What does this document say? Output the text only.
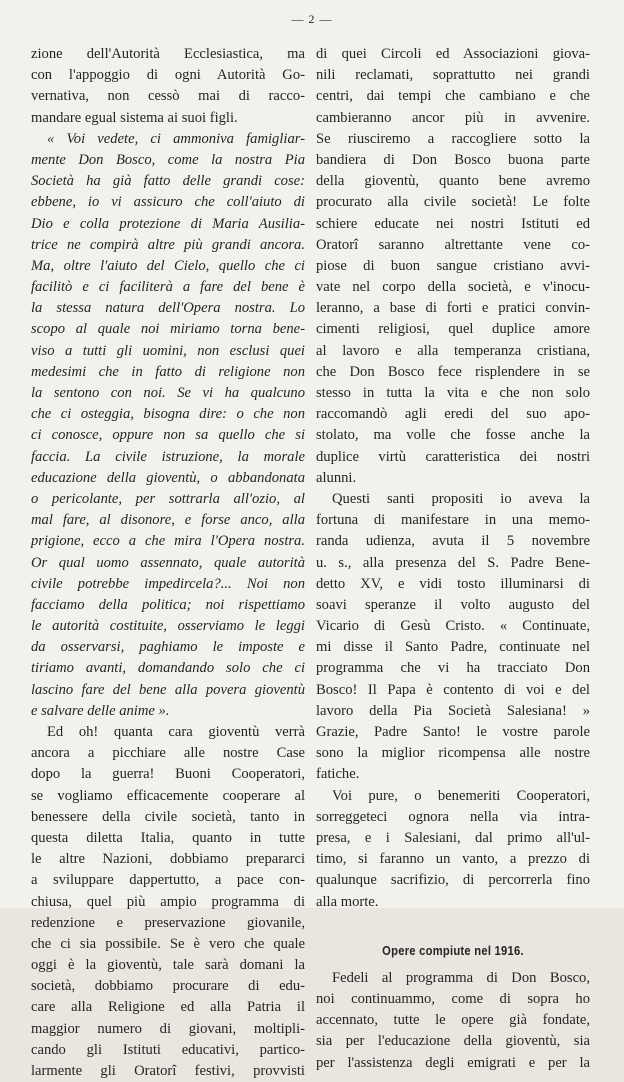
— 2 —
zione dell'Autorità Ecclesiastica, ma
con l'appoggio di ogni Autorità Go-
vernativa, non cessò mai di racco-
mandare egual sistema ai suoi figli.
« Voi vedete, ci ammoniva famigliar-
mente Don Bosco, come la nostra Pia
Società ha già fatto delle grandi cose:
ebbene, io vi assicuro che coll'aiuto di
Dio e colla protezione di Maria Ausilia-
trice ne compirà altre più grandi ancora.
Ma, oltre l'aiuto del Cielo, quello che ci
facilitò e ci faciliterà a fare del bene è
la stessa natura dell'Opera nostra. Lo
scopo al quale noi miriamo torna bene-
viso a tutti gli uomini, non esclusi quei
medesimi che in fatto di religione non
la sentono con noi. Se vi ha qualcuno
che ci osteggia, bisogna dire: o che non
ci conosce, oppure non sa quello che si
faccia. La civile istruzione, la morale
educazione della gioventù, o abbandonata
o pericolante, per sottrarla all'ozio, al
mal fare, al disonore, e forse anco, alla
prigione, ecco a che mira l'Opera nostra.
Or qual uomo assennato, quale autorità
civile potrebbe impedircela?... Noi non
facciamo della politica; noi rispettiamo
le autorità costituite, osserviamo le leggi
da osservarsi, paghiamo le imposte e
tiriamo avanti, domandando solo che ci
lascino fare del bene alla povera gioventù
e salvare delle anime ».
Ed oh! quanta cara gioventù verrà
ancora a picchiare alle nostre Case
dopo la guerra! Buoni Cooperatori,
se vogliamo efficacemente cooperare al
benessere della civile società, tanto in
questa diletta Italia, quanto in tutte
le altre Nazioni, dobbiamo prepararci
a sviluppare dappertutto, a pace con-
chiusa, quel più ampio programma di
redenzione e preservazione giovanile,
che ci sia possibile. Se è vero che quale
oggi è la gioventù, tale sarà domani la
società, dobbiamo procurare di edu-
care alla Religione ed alla Patria il
maggior numero di giovani, moltipli-
cando gli Istituti educativi, partico-
larmente gli Oratorî festivi, provvisti
di quei Circoli ed Associazioni giova-
nili reclamati, soprattutto nei grandi
centri, dai tempi che cambiano e che
cambieranno ancor più in avvenire.
Se riusciremo a raccogliere sotto la
bandiera di Don Bosco buona parte
della gioventù, quanto bene avremo
procurato alla civile società! Le folte
schiere educate nei nostri Istituti ed
Oratorî saranno altrettante vene co-
piose di buon sangue cristiano avvi-
vate nel corpo della società, e v'inocu-
leranno, a base di forti e pratici convin-
cimenti religiosi, quel duplice amore
al lavoro e alla temperanza cristiana,
che Don Bosco fece risplendere in se
stesso in tutta la vita e che non solo
raccomandò agli eredi del suo apo-
stolato, ma volle che fosse anche la
duplice virtù caratteristica dei nostri
alunni.
Questi santi propositi io aveva la
fortuna di manifestare in una memo-
randa udienza, avuta il 5 novembre
u. s., alla presenza del S. Padre Bene-
detto XV, e vidi tosto illuminarsi di
soavi speranze il volto augusto del
Vicario di Gesù Cristo. « Continuate,
mi disse il Santo Padre, continuate nel
programma che vi ha tracciato Don
Bosco! Il Papa è contento di voi e del
lavoro della Pia Società Salesiana! »
Grazie, Padre Santo! le vostre parole
sono la miglior ricompensa alle nostre
fatiche.
Voi pure, o benemeriti Cooperatori,
sorreggeteci ognora nella via intra-
presa, e i Salesiani, dal primo all'ul-
timo, si faranno un vanto, a prezzo di
qualunque sacrifizio, di percorrerla fino
alla morte.
Opere compiute nel 1916.
Fedeli al programma di Don Bosco,
noi continuammo, come di sopra ho
accennato, tutte le opere già fondate,
sia per l'educazione della gioventù, sia
per l'assistenza degli emigrati e per la
